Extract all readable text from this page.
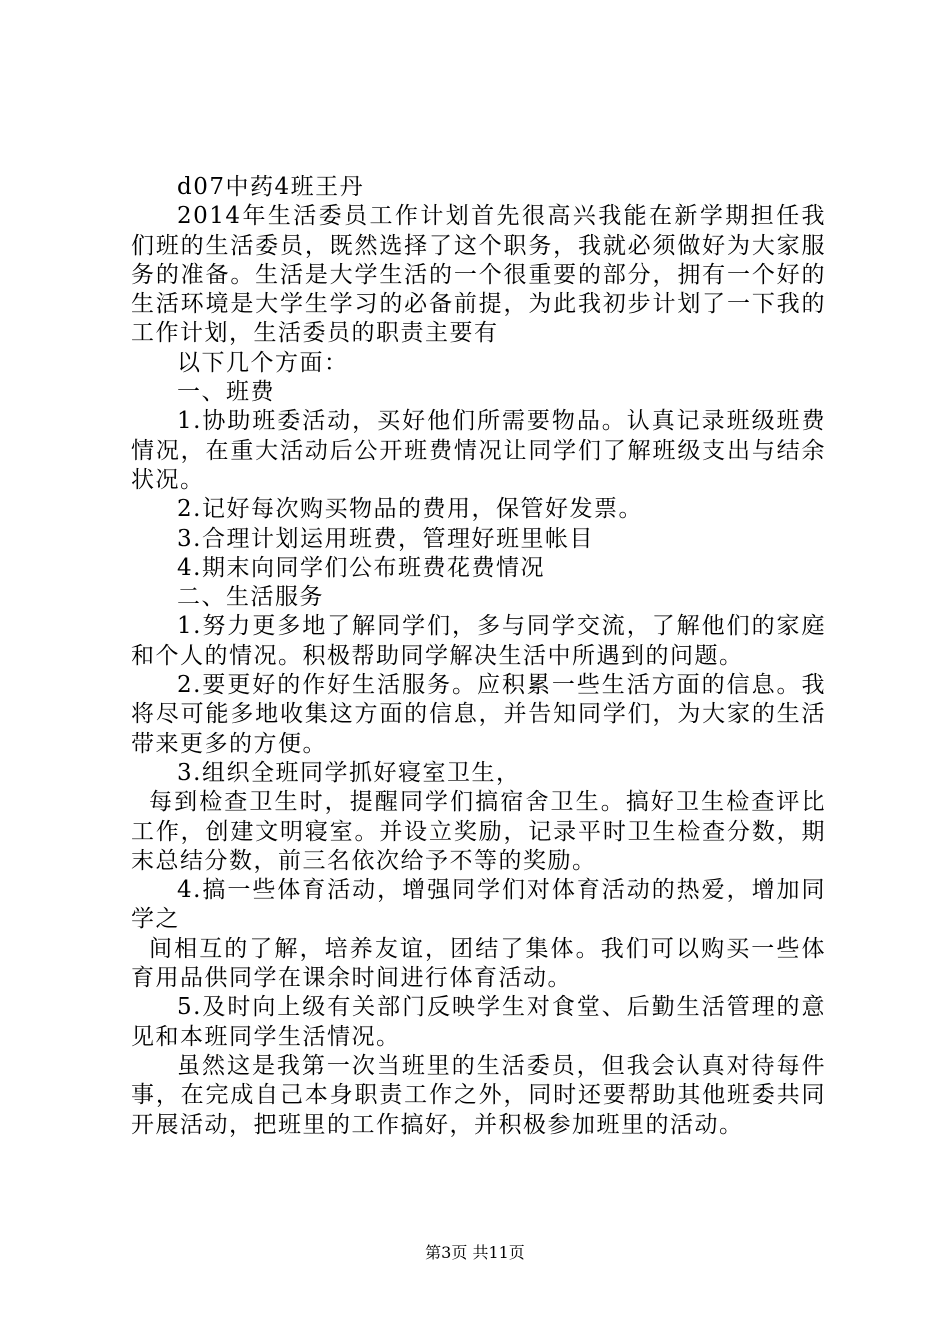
d07中药4班王丹

2014年生活委员工作计划首先很高兴我能在新学期担任我们班的生活委员，既然选择了这个职务，我就必须做好为大家服务的准备。生活是大学生活的一个很重要的部分，拥有一个好的生活环境是大学生学习的必备前提，为此我初步计划了一下我的工作计划，生活委员的职责主要有

以下几个方面：

一、班费

1.协助班委活动，买好他们所需要物品。认真记录班级班费情况，在重大活动后公开班费情况让同学们了解班级支出与结余状况。

2.记好每次购买物品的费用，保管好发票。

3.合理计划运用班费，管理好班里帐目

4.期末向同学们公布班费花费情况

二、生活服务

1.努力更多地了解同学们，多与同学交流，了解他们的家庭和个人的情况。积极帮助同学解决生活中所遇到的问题。

2.要更好的作好生活服务。应积累一些生活方面的信息。我将尽可能多地收集这方面的信息，并告知同学们，为大家的生活带来更多的方便。

3.组织全班同学抓好寝室卫生，

每到检查卫生时，提醒同学们搞宿舍卫生。搞好卫生检查评比工作，创建文明寝室。并设立奖励，记录平时卫生检查分数，期末总结分数，前三名依次给予不等的奖励。

4.搞一些体育活动，增强同学们对体育活动的热爱，增加同学之

间相互的了解，培养友谊，团结了集体。我们可以购买一些体育用品供同学在课余时间进行体育活动。

5.及时向上级有关部门反映学生对食堂、后勤生活管理的意见和本班同学生活情况。

虽然这是我第一次当班里的生活委员，但我会认真对待每件事，在完成自己本身职责工作之外，同时还要帮助其他班委共同开展活动，把班里的工作搞好，并积极参加班里的活动。

第3页 共11页
